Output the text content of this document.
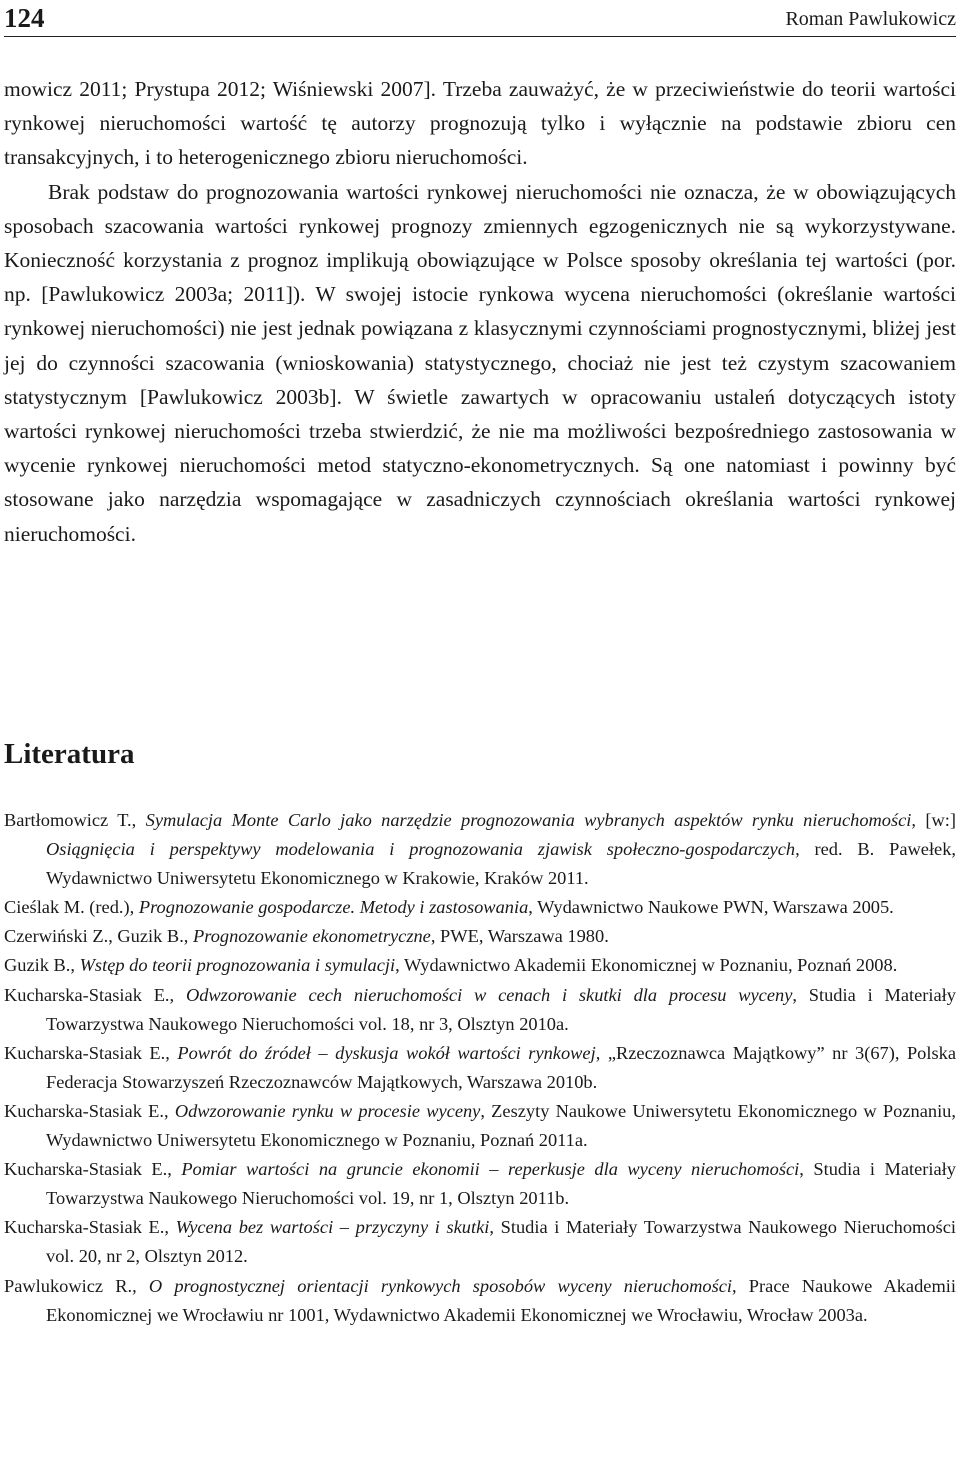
124	Roman Pawlukowicz

mowicz 2011; Prystupa 2012; Wiśniewski 2007]. Trzeba zauważyć, że w przeciwieństwie do teorii wartości rynkowej nieruchomości wartość tę autorzy prognozują tylko i wyłącznie na podstawie zbioru cen transakcyjnych, i to heterogenicznego zbioru nieruchomości.

Brak podstaw do prognozowania wartości rynkowej nieruchomości nie oznacza, że w obowiązujących sposobach szacowania wartości rynkowej prognozy zmiennych egzogenicznych nie są wykorzystywane. Konieczność korzystania z prognoz implikują obowiązujące w Polsce sposoby określania tej wartości (por. np. [Pawlukowicz 2003a; 2011]). W swojej istocie rynkowa wycena nieruchomości (określanie wartości rynkowej nieruchomości) nie jest jednak powiązana z klasycznymi czynnościami prognostycznymi, bliżej jest jej do czynności szacowania (wnioskowania) statystycznego, chociaż nie jest też czystym szacowaniem statystycznym [Pawlukowicz 2003b]. W świetle zawartych w opracowaniu ustaleń dotyczących istoty wartości rynkowej nieruchomości trzeba stwierdzić, że nie ma możliwości bezpośredniego zastosowania w wycenie rynkowej nieruchomości metod statyczno-ekonometrycznych. Są one natomiast i powinny być stosowane jako narzędzia wspomagające w zasadniczych czynnościach określania wartości rynkowej nieruchomości.

Literatura

Bartłomowicz T., Symulacja Monte Carlo jako narzędzie prognozowania wybranych aspektów rynku nieruchomości, [w:] Osiągnięcia i perspektywy modelowania i prognozowania zjawisk społeczno-gospodarczych, red. B. Pawełek, Wydawnictwo Uniwersytetu Ekonomicznego w Krakowie, Kraków 2011.

Cieślak M. (red.), Prognozowanie gospodarcze. Metody i zastosowania, Wydawnictwo Naukowe PWN, Warszawa 2005.

Czerwiński Z., Guzik B., Prognozowanie ekonometryczne, PWE, Warszawa 1980.

Guzik B., Wstęp do teorii prognozowania i symulacji, Wydawnictwo Akademii Ekonomicznej w Poznaniu, Poznań 2008.

Kucharska-Stasiak E., Odwzorowanie cech nieruchomości w cenach i skutki dla procesu wyceny, Studia i Materiały Towarzystwa Naukowego Nieruchomości vol. 18, nr 3, Olsztyn 2010a.

Kucharska-Stasiak E., Powrót do źródeł – dyskusja wokół wartości rynkowej, „Rzeczoznawca Majątkowy” nr 3(67), Polska Federacja Stowarzyszeń Rzeczoznawców Majątkowych, Warszawa 2010b.

Kucharska-Stasiak E., Odwzorowanie rynku w procesie wyceny, Zeszyty Naukowe Uniwersytetu Ekonomicznego w Poznaniu, Wydawnictwo Uniwersytetu Ekonomicznego w Poznaniu, Poznań 2011a.

Kucharska-Stasiak E., Pomiar wartości na gruncie ekonomii – reperkusje dla wyceny nieruchomości, Studia i Materiały Towarzystwa Naukowego Nieruchomości vol. 19, nr 1, Olsztyn 2011b.

Kucharska-Stasiak E., Wycena bez wartości – przyczyny i skutki, Studia i Materiały Towarzystwa Naukowego Nieruchomości vol. 20, nr 2, Olsztyn 2012.

Pawlukowicz R., O prognostycznej orientacji rynkowych sposobów wyceny nieruchomości, Prace Naukowe Akademii Ekonomicznej we Wrocławiu nr 1001, Wydawnictwo Akademii Ekonomicznej we Wrocławiu, Wrocław 2003a.
